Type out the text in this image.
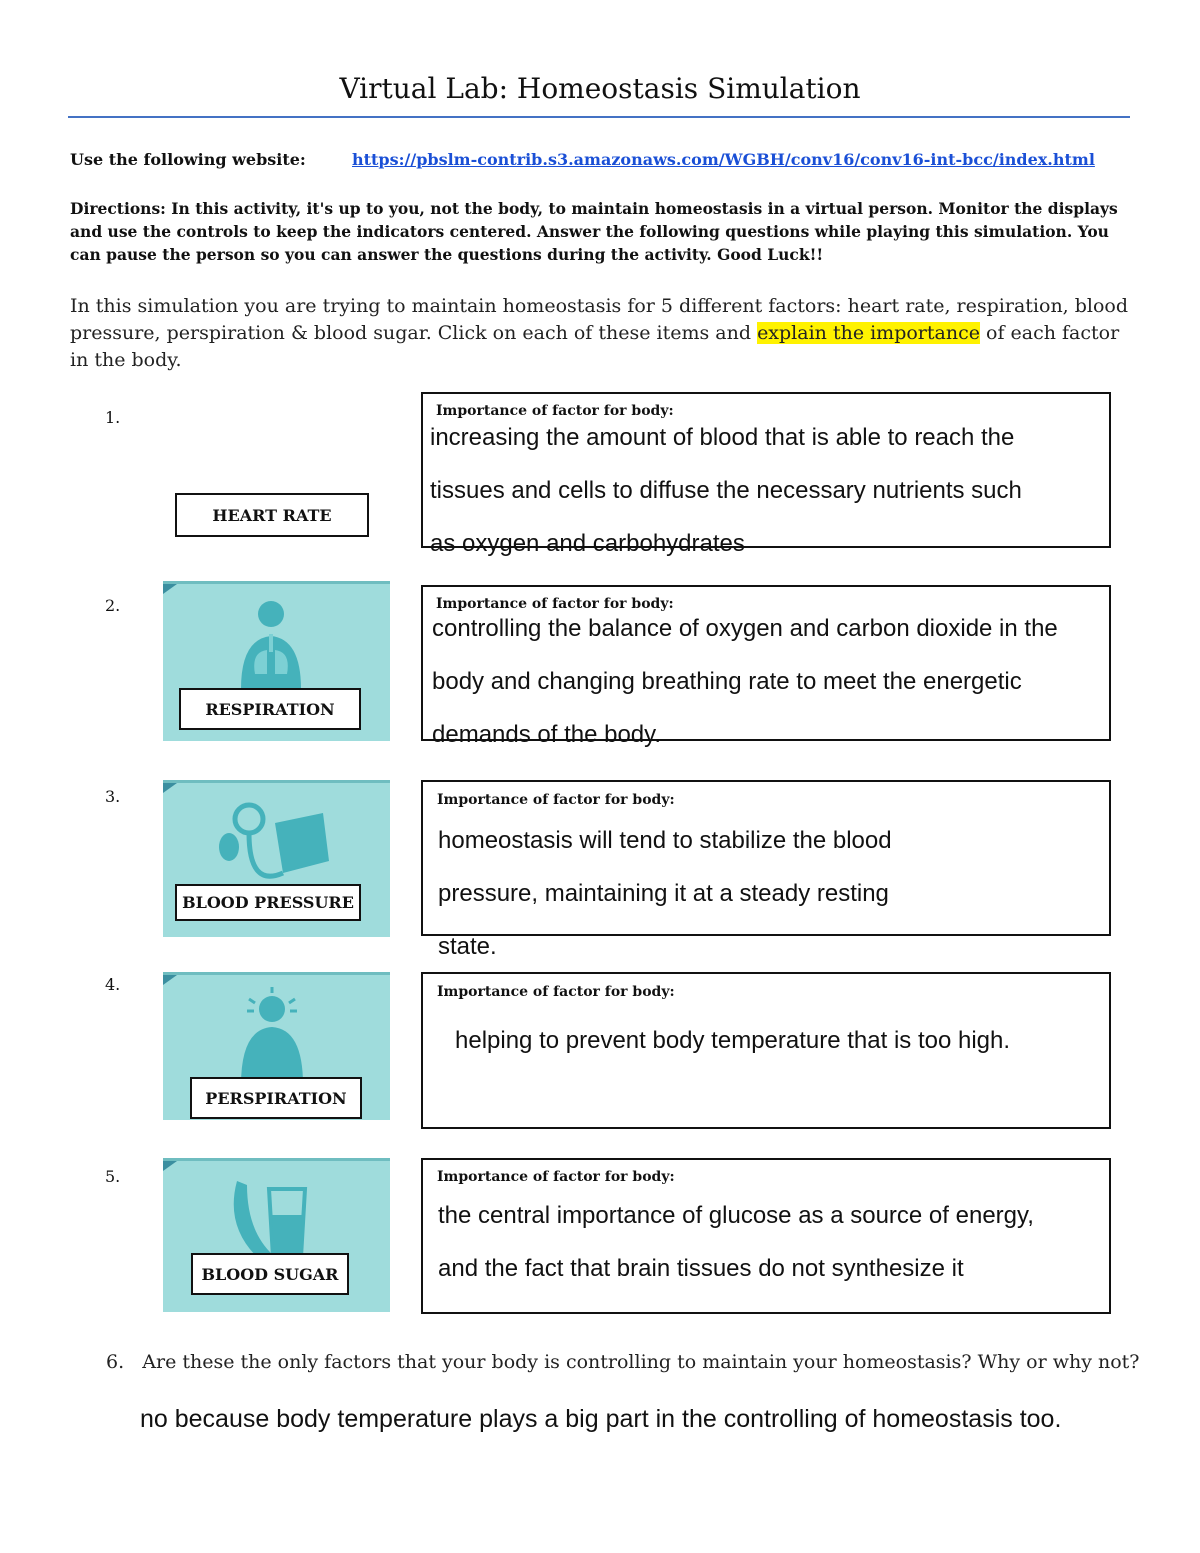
Virtual Lab: Homeostasis Simulation
Use the following website:	https://pbslm-contrib.s3.amazonaws.com/WGBH/conv16/conv16-int-bcc/index.html
Directions: In this activity, it's up to you, not the body, to maintain homeostasis in a virtual person. Monitor the displays and use the controls to keep the indicators centered. Answer the following questions while playing this simulation. You can pause the person so you can answer the questions during the activity. Good Luck!!
In this simulation you are trying to maintain homeostasis for 5 different factors: heart rate, respiration, blood pressure, perspiration & blood sugar. Click on each of these items and explain the importance of each factor in the body.
1.
HEART RATE
Importance of factor for body:
increasing the amount of blood that is able to reach the
tissues and cells to diffuse the necessary nutrients such
as oxygen and carbohydrates
2.
RESPIRATION
Importance of factor for body:
controlling the balance of oxygen and carbon dioxide in the
body and changing breathing rate to meet the energetic
demands of the body.
3.
BLOOD PRESSURE
Importance of factor for body:
homeostasis will tend to stabilize the blood
pressure, maintaining it at a steady resting
state.
4.
PERSPIRATION
Importance of factor for body:
helping to prevent body temperature that is too high.
5.
BLOOD SUGAR
Importance of factor for body:
the central importance of glucose as a source of energy,
and the fact that brain tissues do not synthesize it
6. Are these the only factors that your body is controlling to maintain your homeostasis? Why or why not?
no because body temperature plays a big part in the controlling of homeostasis too.
